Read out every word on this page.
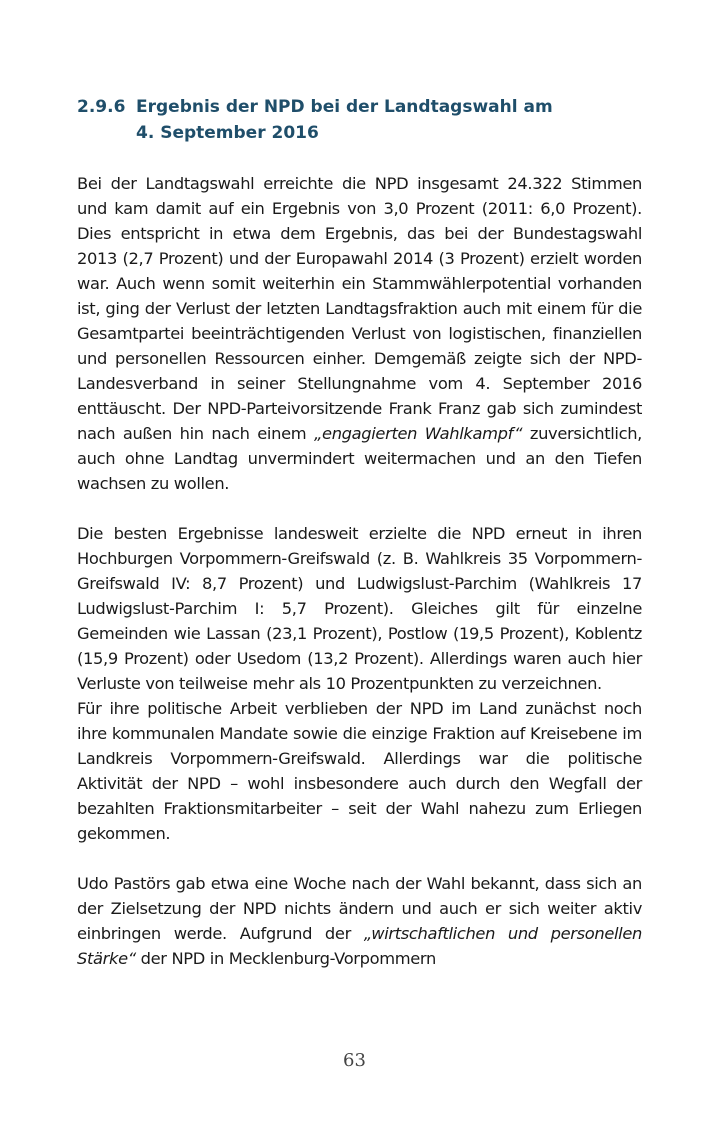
2.9.6 Ergebnis der NPD bei der Landtagswahl am
4. September 2016

Bei der Landtagswahl erreichte die NPD insgesamt 24.322 Stimmen und kam damit auf ein Ergebnis von 3,0 Prozent (2011: 6,0 Prozent). Dies entspricht in etwa dem Ergebnis, das bei der Bundestagswahl 2013 (2,7 Prozent) und der Europawahl 2014 (3 Prozent) erzielt worden war. Auch wenn somit weiterhin ein Stammwählerpotential vorhanden ist, ging der Verlust der letzten Landtagsfraktion auch mit einem für die Gesamtpartei beeinträchtigenden Verlust von logistischen, finanziellen und personellen Ressourcen einher. Demgemäß zeigte sich der NPD-Landesverband in seiner Stellungnahme vom 4. September 2016 enttäuscht. Der NPD-Parteivorsitzende Frank Franz gab sich zumindest nach außen hin nach einem „engagierten Wahlkampf“ zuversichtlich, auch ohne Landtag unvermindert weitermachen und an den Tiefen wachsen zu wollen.

Die besten Ergebnisse landesweit erzielte die NPD erneut in ihren Hochburgen Vorpommern-Greifswald (z. B. Wahlkreis 35 Vorpommern-Greifswald IV: 8,7 Prozent) und Ludwigslust-Parchim (Wahlkreis 17 Ludwigslust-Parchim I: 5,7 Prozent). Gleiches gilt für einzelne Gemeinden wie Lassan (23,1 Prozent), Postlow (19,5 Prozent), Koblentz (15,9 Prozent) oder Usedom (13,2 Prozent). Allerdings waren auch hier Verluste von teilweise mehr als 10 Prozentpunkten zu verzeichnen.

Für ihre politische Arbeit verblieben der NPD im Land zunächst noch ihre kommunalen Mandate sowie die einzige Fraktion auf Kreisebene im Landkreis Vorpommern-Greifswald. Allerdings war die politische Aktivität der NPD – wohl insbesondere auch durch den Wegfall der bezahlten Fraktionsmitarbeiter – seit der Wahl nahezu zum Erliegen gekommen.

Udo Pastörs gab etwa eine Woche nach der Wahl bekannt, dass sich an der Zielsetzung der NPD nichts ändern und auch er sich weiter aktiv einbringen werde. Aufgrund der „wirtschaftlichen und personellen Stärke“ der NPD in Mecklenburg-Vorpommern

63
